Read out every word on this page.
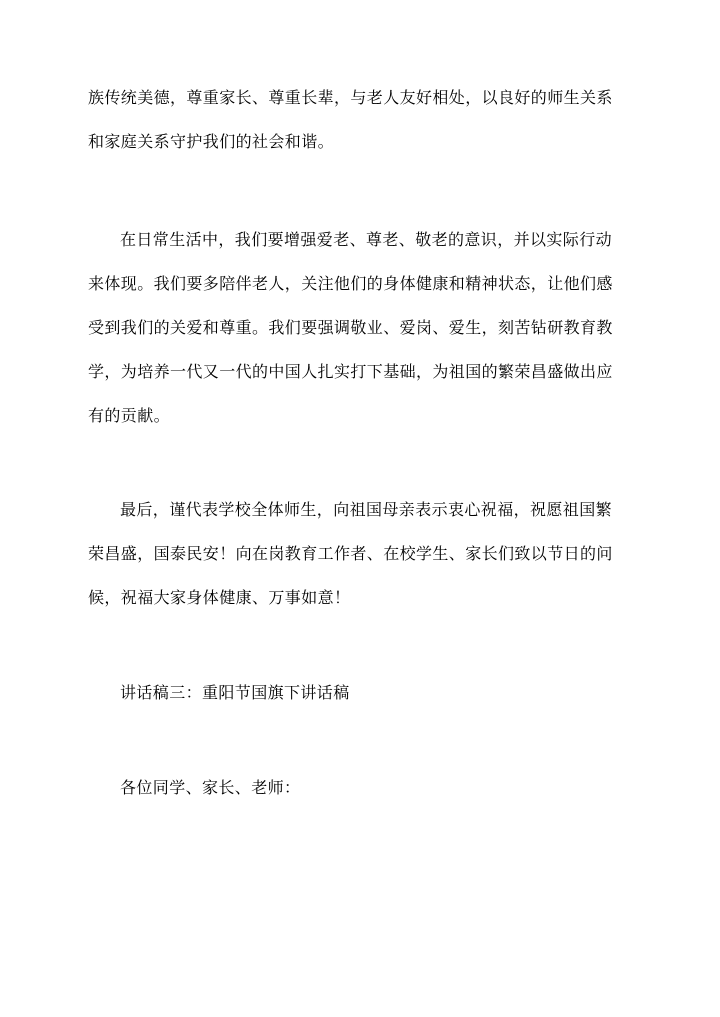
族传统美德，尊重家长、尊重长辈，与老人友好相处，以良好的师生关系
和家庭关系守护我们的社会和谐。
在日常生活中，我们要增强爱老、尊老、敬老的意识，并以实际行动
来体现。我们要多陪伴老人，关注他们的身体健康和精神状态，让他们感
受到我们的关爱和尊重。我们要强调敬业、爱岗、爱生，刻苦钻研教育教
学，为培养一代又一代的中国人扎实打下基础，为祖国的繁荣昌盛做出应
有的贡献。
最后，谨代表学校全体师生，向祖国母亲表示衷心祝福，祝愿祖国繁
荣昌盛，国泰民安！向在岗教育工作者、在校学生、家长们致以节日的问
候，祝福大家身体健康、万事如意！
讲话稿三：重阳节国旗下讲话稿
各位同学、家长、老师：
